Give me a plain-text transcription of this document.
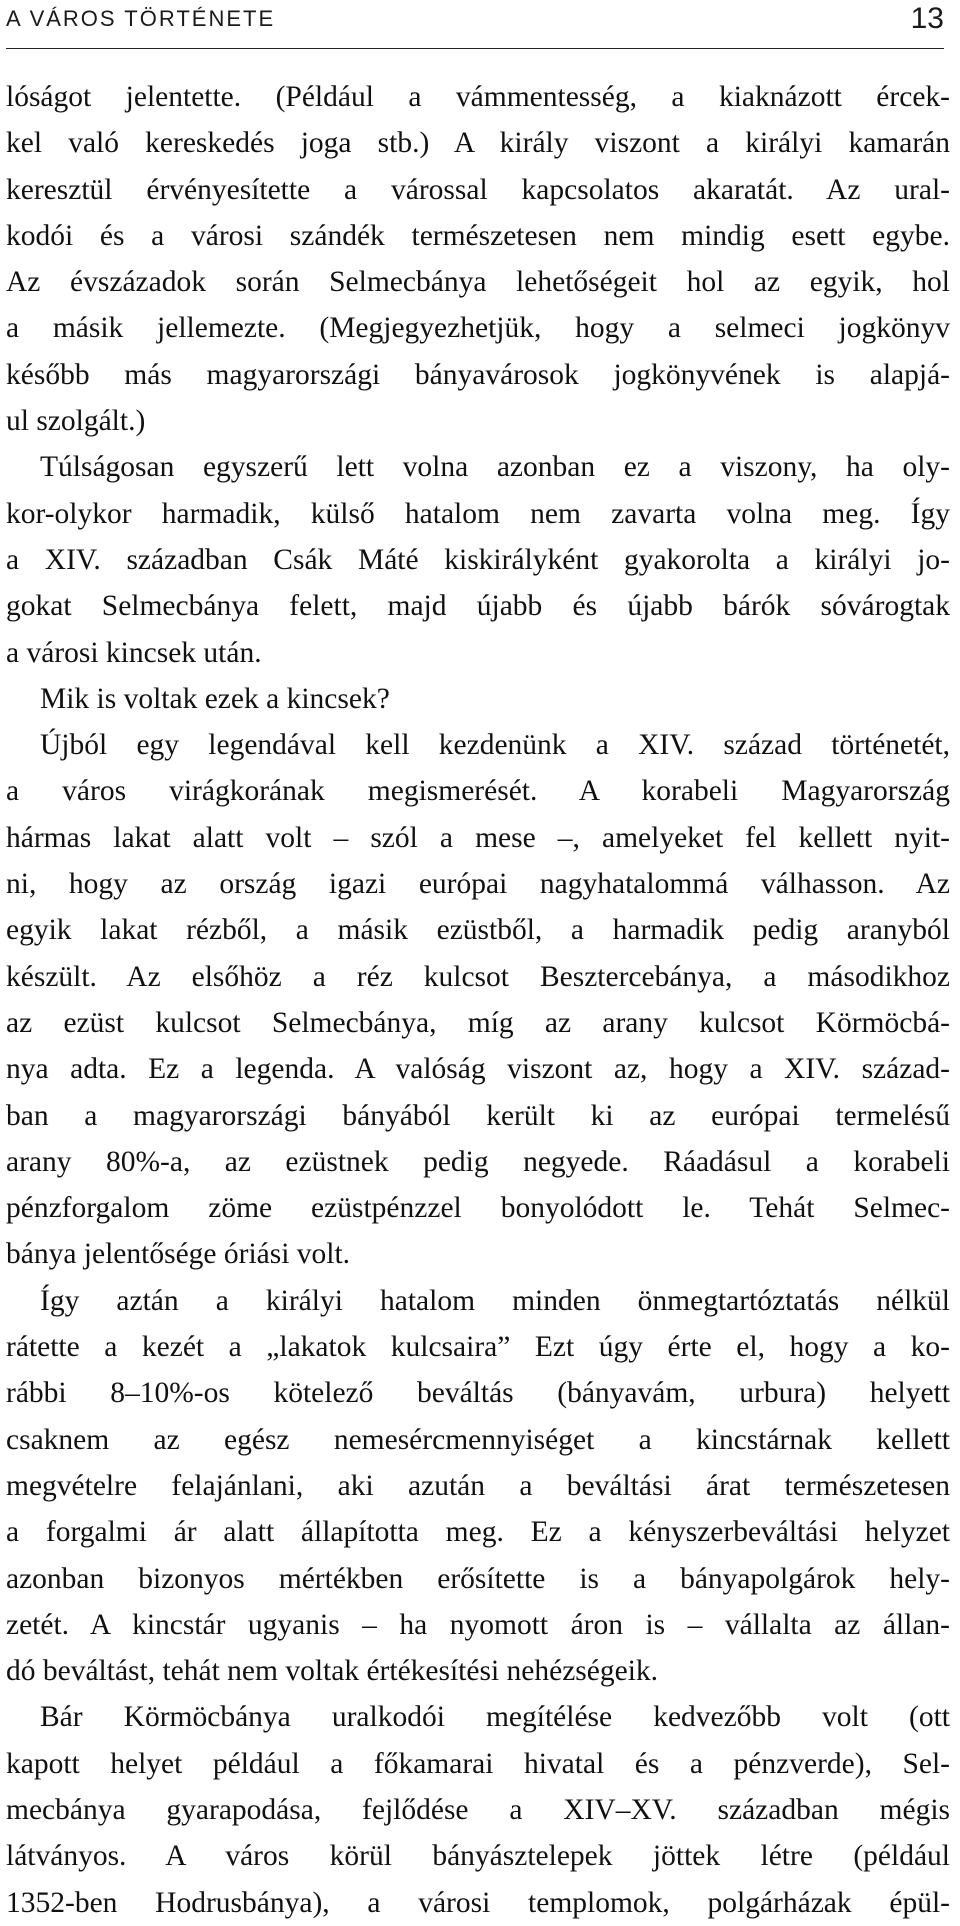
A VÁROS TÖRTÉNETE	13
lóságot jelentette. (Például a vámmentesség, a kiaknázott ércek-
kel való kereskedés joga stb.) A király viszont a királyi kamarán
keresztül érvényesítette a várossal kapcsolatos akaratát. Az ural-
kodói és a városi szándék természetesen nem mindig esett egybe.
Az évszázadok során Selmecbánya lehetőségeit hol az egyik, hol
a másik jellemezte. (Megjegyezhetjük, hogy a selmeci jogkönyv
később más magyarországi bányavárosok jogkönyvének is alapjá-
ul szolgált.)
Túlságosan egyszerű lett volna azonban ez a viszony, ha oly-
kor-olykor harmadik, külső hatalom nem zavarta volna meg. Így
a XIV. században Csák Máté kiskirályként gyakorolta a királyi jo-
gokat Selmecbánya felett, majd újabb és újabb bárók sóvárogtak
a városi kincsek után.
Mik is voltak ezek a kincsek?
Újból egy legendával kell kezdenünk a XIV. század történetét,
a város virágkorának megismerését. A korabeli Magyarország
hármas lakat alatt volt – szól a mese –, amelyeket fel kellett nyit-
ni, hogy az ország igazi európai nagyhatalommá válhasson. Az
egyik lakat rézből, a másik ezüstből, a harmadik pedig aranyból
készült. Az elsőhöz a réz kulcsot Besztercebánya, a másodikhoz
az ezüst kulcsot Selmecbánya, míg az arany kulcsot Körmöcbá-
nya adta. Ez a legenda. A valóság viszont az, hogy a XIV. század-
ban a magyarországi bányából került ki az európai termelésű
arany 80%-a, az ezüstnek pedig negyede. Ráadásul a korabeli
pénzforgalom zöme ezüstpénzzel bonyolódott le. Tehát Selmec-
bánya jelentősége óriási volt.
Így aztán a királyi hatalom minden önmegtartóztatás nélkül
rátette a kezét a „lakatok kulcsaira” Ezt úgy érte el, hogy a ko-
rábbi 8–10%-os kötelező beváltás (bányavám, urbura) helyett
csaknem az egész nemesércmennyiséget a kincstárnak kellett
megvételre felajánlani, aki azután a beváltási árat természetesen
a forgalmi ár alatt állapította meg. Ez a kényszerbeváltási helyzet
azonban bizonyos mértékben erősítette is a bányapolgárok hely-
zetét. A kincstár ugyanis – ha nyomott áron is – vállalta az állan-
dó beváltást, tehát nem voltak értékesítési nehézségeik.
Bár Körmöcbánya uralkodói megítélése kedvezőbb volt (ott
kapott helyet például a főkamarai hivatal és a pénzverde), Sel-
mecbánya gyarapodása, fejlődése a XIV–XV. században mégis
látványos. A város körül bányásztelepek jöttek létre (például
1352-ben Hodrusbánya), a városi templomok, polgárházak épül-
